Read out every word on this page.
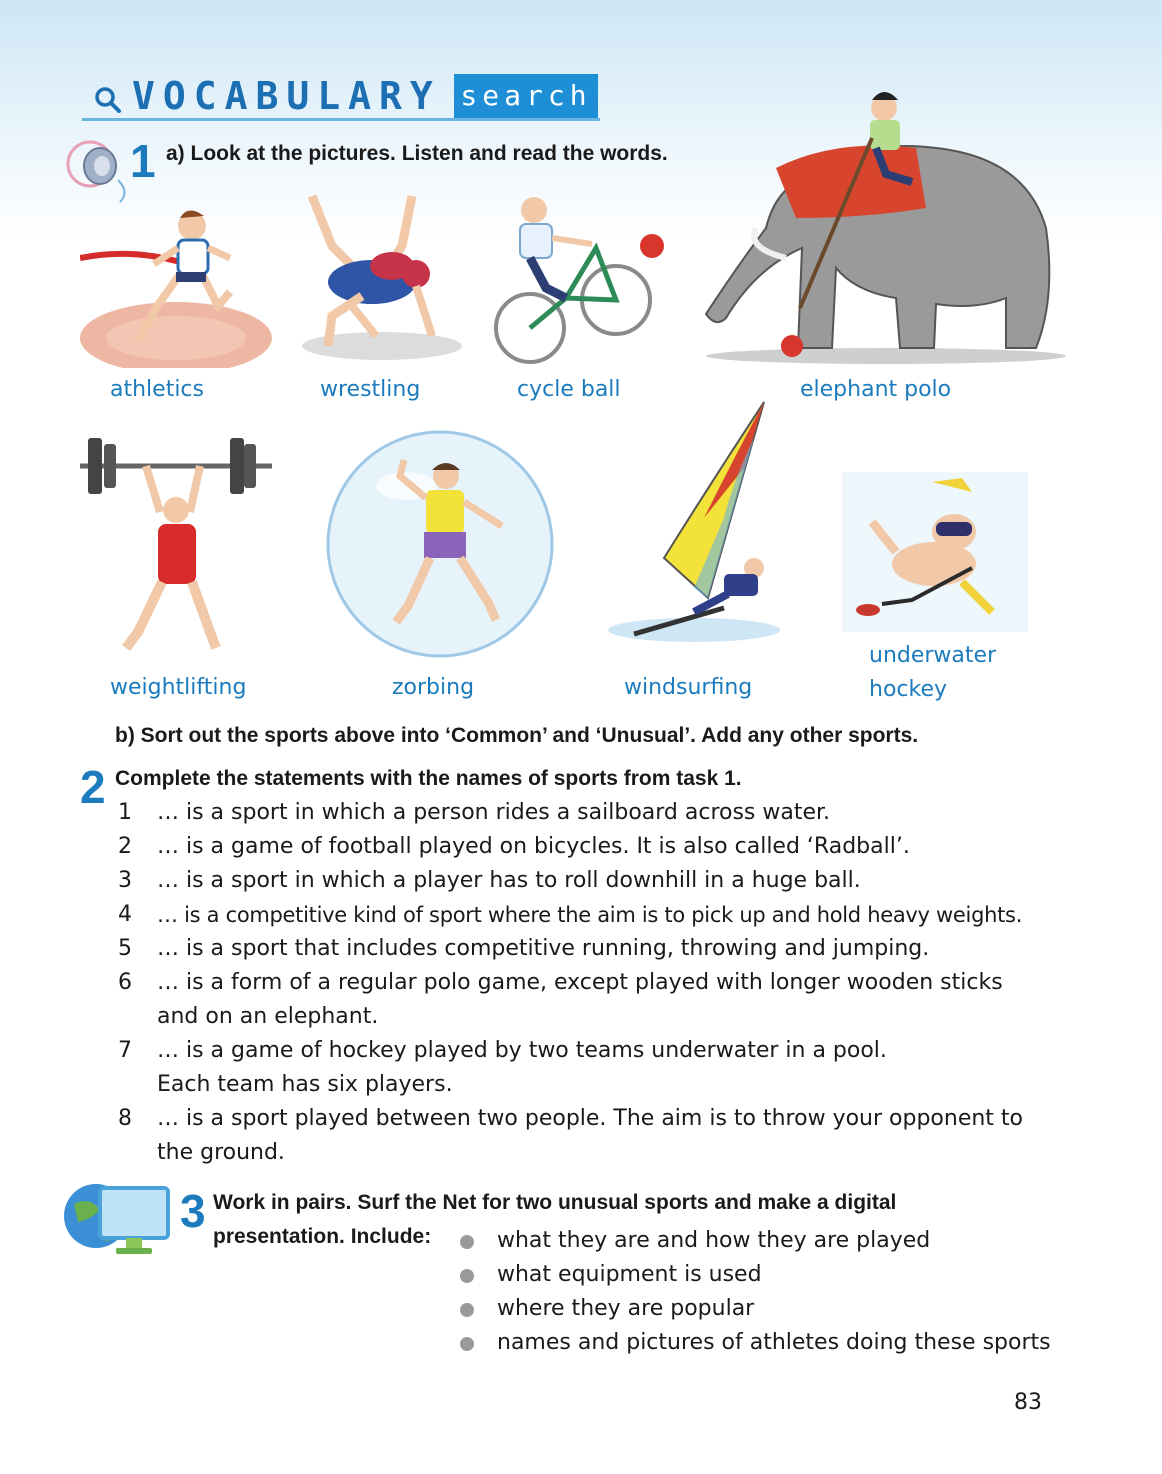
VOCABULARY search
1 a) Look at the pictures. Listen and read the words.
athletics	wrestling	cycle ball	elephant polo
weightlifting	zorbing	windsurfing
underwater
hockey
b) Sort out the sports above into ‘Common’ and ‘Unusual’. Add any other sports.
2 Complete the statements with the names of sports from task 1.
1 … is a sport in which a person rides a sailboard across water.
2 … is a game of football played on bicycles. It is also called ‘Radball’.
3 … is a sport in which a player has to roll downhill in a huge ball.
4 … is a competitive kind of sport where the aim is to pick up and hold heavy weights.
5 … is a sport that includes competitive running, throwing and jumping.
6 … is a form of a regular polo game, except played with longer wooden sticks
and on an elephant.
7 … is a game of hockey played by two teams underwater in a pool.
Each team has six players.
8 … is a sport played between two people. The aim is to throw your opponent to
the ground.
3 Work in pairs. Surf the Net for two unusual sports and make a digital
presentation. Include:	what they are and how they are played
what equipment is used
where they are popular
names and pictures of athletes doing these sports
83
